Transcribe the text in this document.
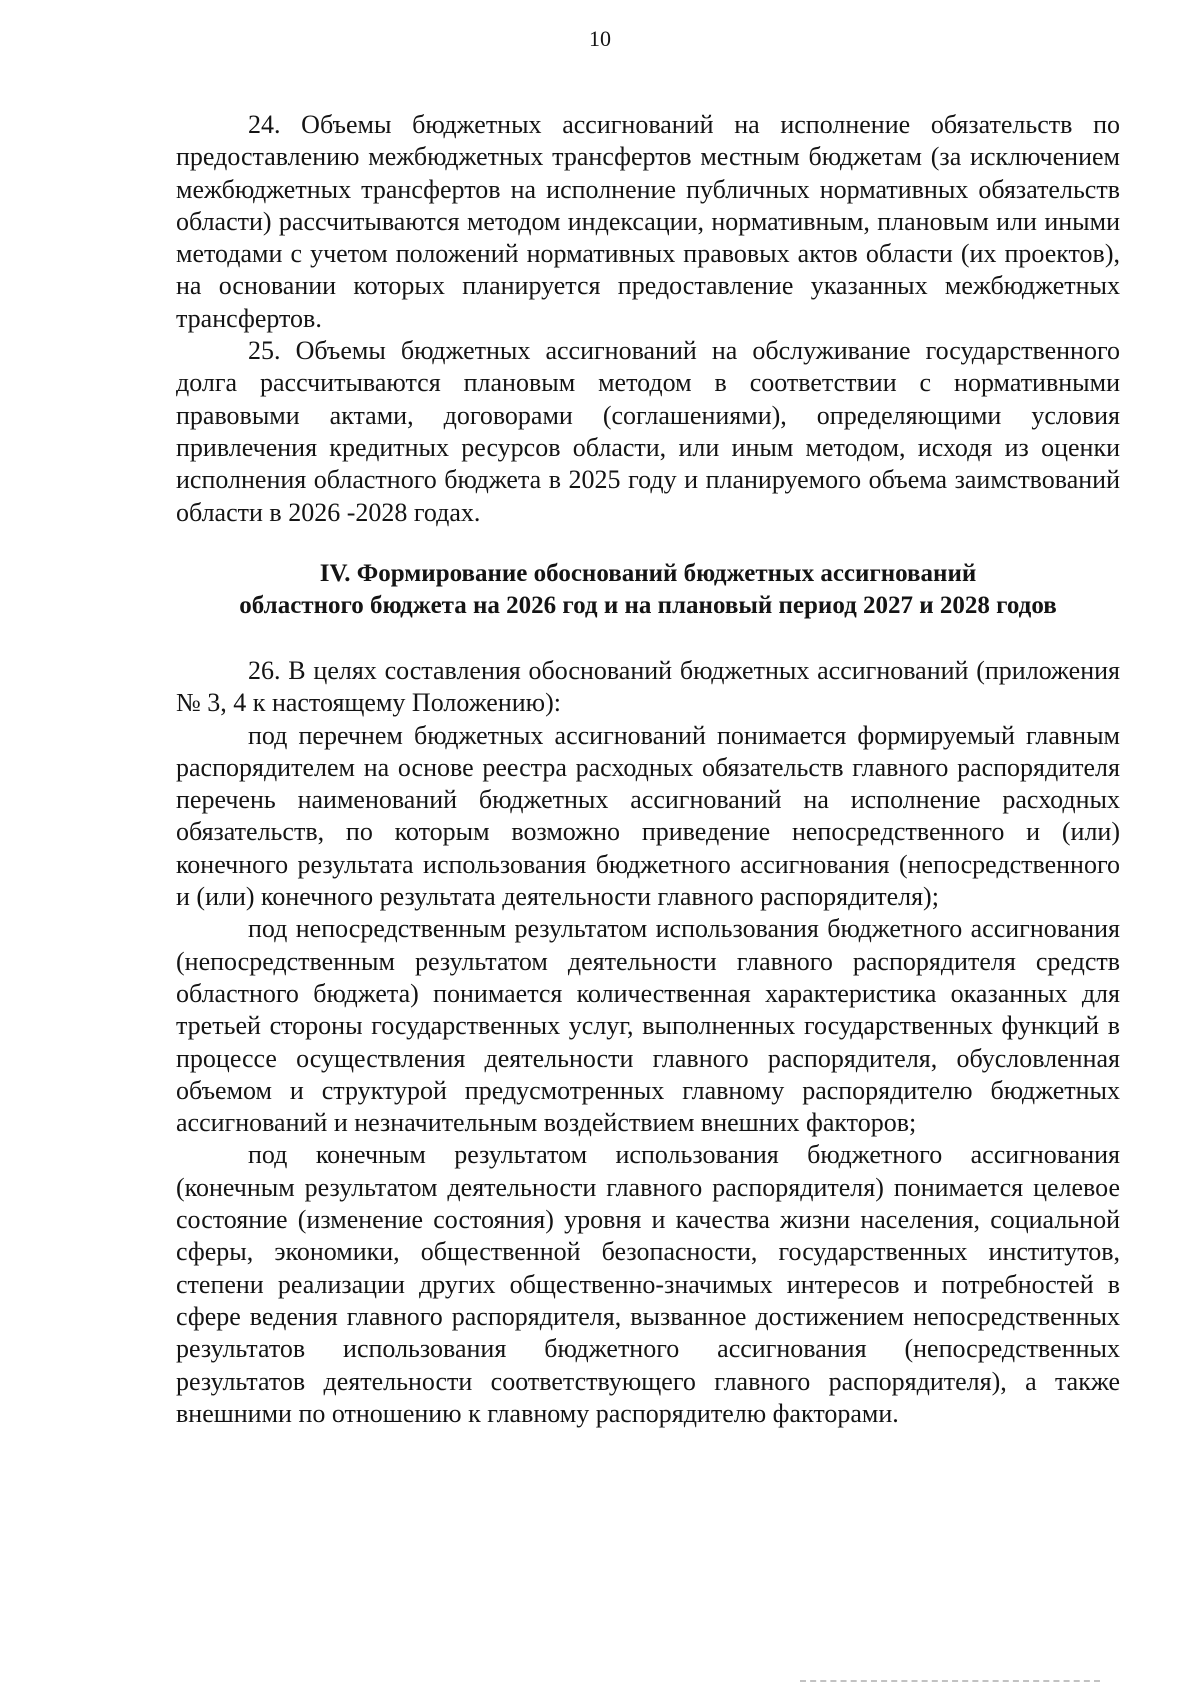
10

24. Объемы бюджетных ассигнований на исполнение обязательств по предоставлению межбюджетных трансфертов местным бюджетам (за исключением межбюджетных трансфертов на исполнение публичных нормативных обязательств области) рассчитываются методом индексации, нормативным, плановым или иными методами с учетом положений нормативных правовых актов области (их проектов), на основании которых планируется предоставление указанных межбюджетных трансфертов.

25. Объемы бюджетных ассигнований на обслуживание государственного долга рассчитываются плановым методом в соответствии с нормативными правовыми актами, договорами (соглашениями), определяющими условия привлечения кредитных ресурсов области, или иным методом, исходя из оценки исполнения областного бюджета в 2025 году и планируемого объема заимствований области в 2026 -2028 годах.

IV. Формирование обоснований бюджетных ассигнований
областного бюджета на 2026 год и на плановый период 2027 и 2028 годов

26. В целях составления обоснований бюджетных ассигнований (приложения № 3, 4 к настоящему Положению):

под перечнем бюджетных ассигнований понимается формируемый главным распорядителем на основе реестра расходных обязательств главного распорядителя перечень наименований бюджетных ассигнований на исполнение расходных обязательств, по которым возможно приведение непосредственного и (или) конечного результата использования бюджетного ассигнования (непосредственного и (или) конечного результата деятельности главного распорядителя);

под непосредственным результатом использования бюджетного ассигнования (непосредственным результатом деятельности главного распорядителя средств областного бюджета) понимается количественная характеристика оказанных для третьей стороны государственных услуг, выполненных государственных функций в процессе осуществления деятельности главного распорядителя, обусловленная объемом и структурой предусмотренных главному распорядителю бюджетных ассигнований и незначительным воздействием внешних факторов;

под конечным результатом использования бюджетного ассигнования (конечным результатом деятельности главного распорядителя) понимается целевое состояние (изменение состояния) уровня и качества жизни населения, социальной сферы, экономики, общественной безопасности, государственных институтов, степени реализации других общественно-значимых интересов и потребностей в сфере ведения главного распорядителя, вызванное достижением непосредственных результатов использования бюджетного ассигнования (непосредственных результатов деятельности соответствующего главного распорядителя), а также внешними по отношению к главному распорядителю факторами.
